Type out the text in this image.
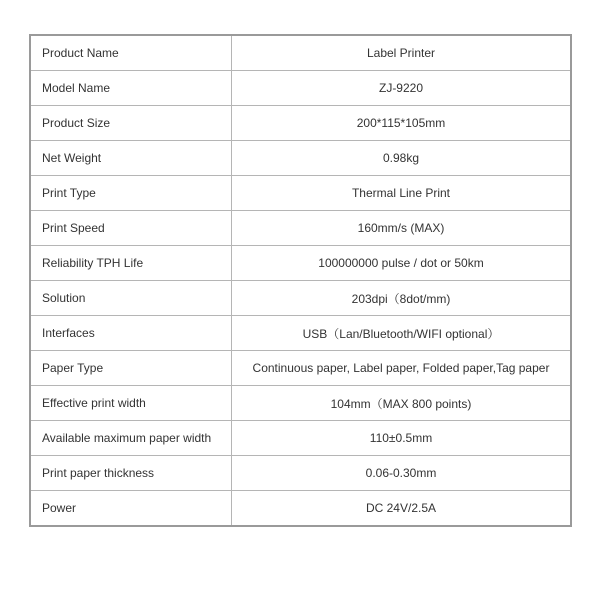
Product Name	Label Printer
Model Name	ZJ-9220
Product Size	200*115*105mm
Net Weight	0.98kg
Print Type	Thermal Line Print
Print Speed	160mm/s (MAX)
Reliability TPH Life	100000000 pulse / dot or 50km
Solution	203dpi（8dot/mm)
Interfaces	USB（Lan/Bluetooth/WIFI optional）
Paper Type	Continuous paper, Label paper, Folded paper,Tag paper
Effective print width	104mm（MAX 800 points)
Available maximum paper width	110±0.5mm
Print paper thickness	0.06-0.30mm
Power	DC 24V/2.5A
